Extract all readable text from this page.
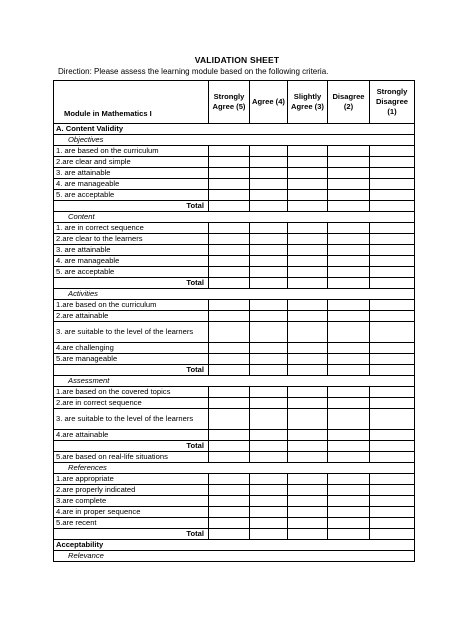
VALIDATION SHEET
Direction: Please assess the learning module based on the following criteria.
Module in Mathematics I	Strongly Agree (5)	Agree (4)	Slightly Agree (3)	Disagree (2)	Strongly Disagree (1)
A. Content Validity					
Objectives					
1. are based on the curriculum					
2.are clear and simple					
3. are attainable					
4. are manageable					
5. are acceptable					
Total					
Content					
1. are in correct sequence					
2.are clear to the learners					
3. are attainable					
4. are manageable					
5. are acceptable					
Total					
Activities					
1.are based on the curriculum					
2.are attainable					
3. are suitable to the level of the learners					
4.are challenging					
5.are manageable					
Total					
Assessment					
1.are based on the covered topics					
2.are in correct sequence					
3. are suitable to the level of the learners					
4.are attainable					
Total					
5.are based on real-life situations					
References					
1.are appropriate					
2.are properly indicated					
3.are complete					
4.are in proper sequence					
5.are recent					
Total					
Acceptability					
Relevance					
